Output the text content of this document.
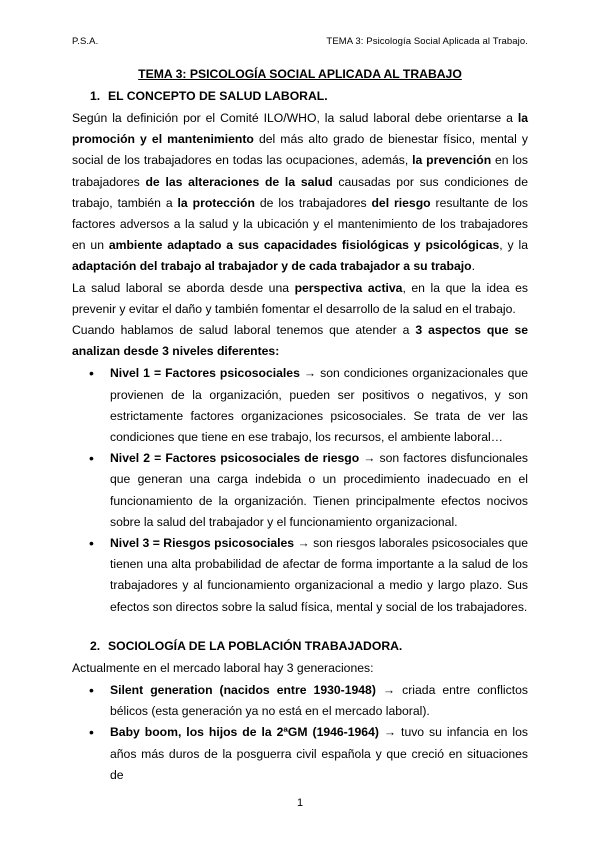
P.S.A.	TEMA 3: Psicología Social Aplicada al Trabajo.
TEMA 3: PSICOLOGÍA SOCIAL APLICADA AL TRABAJO
1. EL CONCEPTO DE SALUD LABORAL.

Según la definición por el Comité ILO/WHO, la salud laboral debe orientarse a la promoción y el mantenimiento del más alto grado de bienestar físico, mental y social de los trabajadores en todas las ocupaciones, además, la prevención en los trabajadores de las alteraciones de la salud causadas por sus condiciones de trabajo, también a la protección de los trabajadores del riesgo resultante de los factores adversos a la salud y la ubicación y el mantenimiento de los trabajadores en un ambiente adaptado a sus capacidades fisiológicas y psicológicas, y la adaptación del trabajo al trabajador y de cada trabajador a su trabajo.

La salud laboral se aborda desde una perspectiva activa, en la que la idea es prevenir y evitar el daño y también fomentar el desarrollo de la salud en el trabajo.

Cuando hablamos de salud laboral tenemos que atender a 3 aspectos que se analizan desde 3 niveles diferentes:

• Nivel 1 = Factores psicosociales → son condiciones organizacionales que provienen de la organización, pueden ser positivos o negativos, y son estrictamente factores organizaciones psicosociales. Se trata de ver las condiciones que tiene en ese trabajo, los recursos, el ambiente laboral…
• Nivel 2 = Factores psicosociales de riesgo → son factores disfuncionales que generan una carga indebida o un procedimiento inadecuado en el funcionamiento de la organización. Tienen principalmente efectos nocivos sobre la salud del trabajador y el funcionamiento organizacional.
• Nivel 3 = Riesgos psicosociales → son riesgos laborales psicosociales que tienen una alta probabilidad de afectar de forma importante a la salud de los trabajadores y al funcionamiento organizacional a medio y largo plazo. Sus efectos son directos sobre la salud física, mental y social de los trabajadores.
2. SOCIOLOGÍA DE LA POBLACIÓN TRABAJADORA.

Actualmente en el mercado laboral hay 3 generaciones:

• Silent generation (nacidos entre 1930-1948) → criada entre conflictos bélicos (esta generación ya no está en el mercado laboral).
• Baby boom, los hijos de la 2ªGM (1946-1964) → tuvo su infancia en los años más duros de la posguerra civil española y que creció en situaciones de
1
